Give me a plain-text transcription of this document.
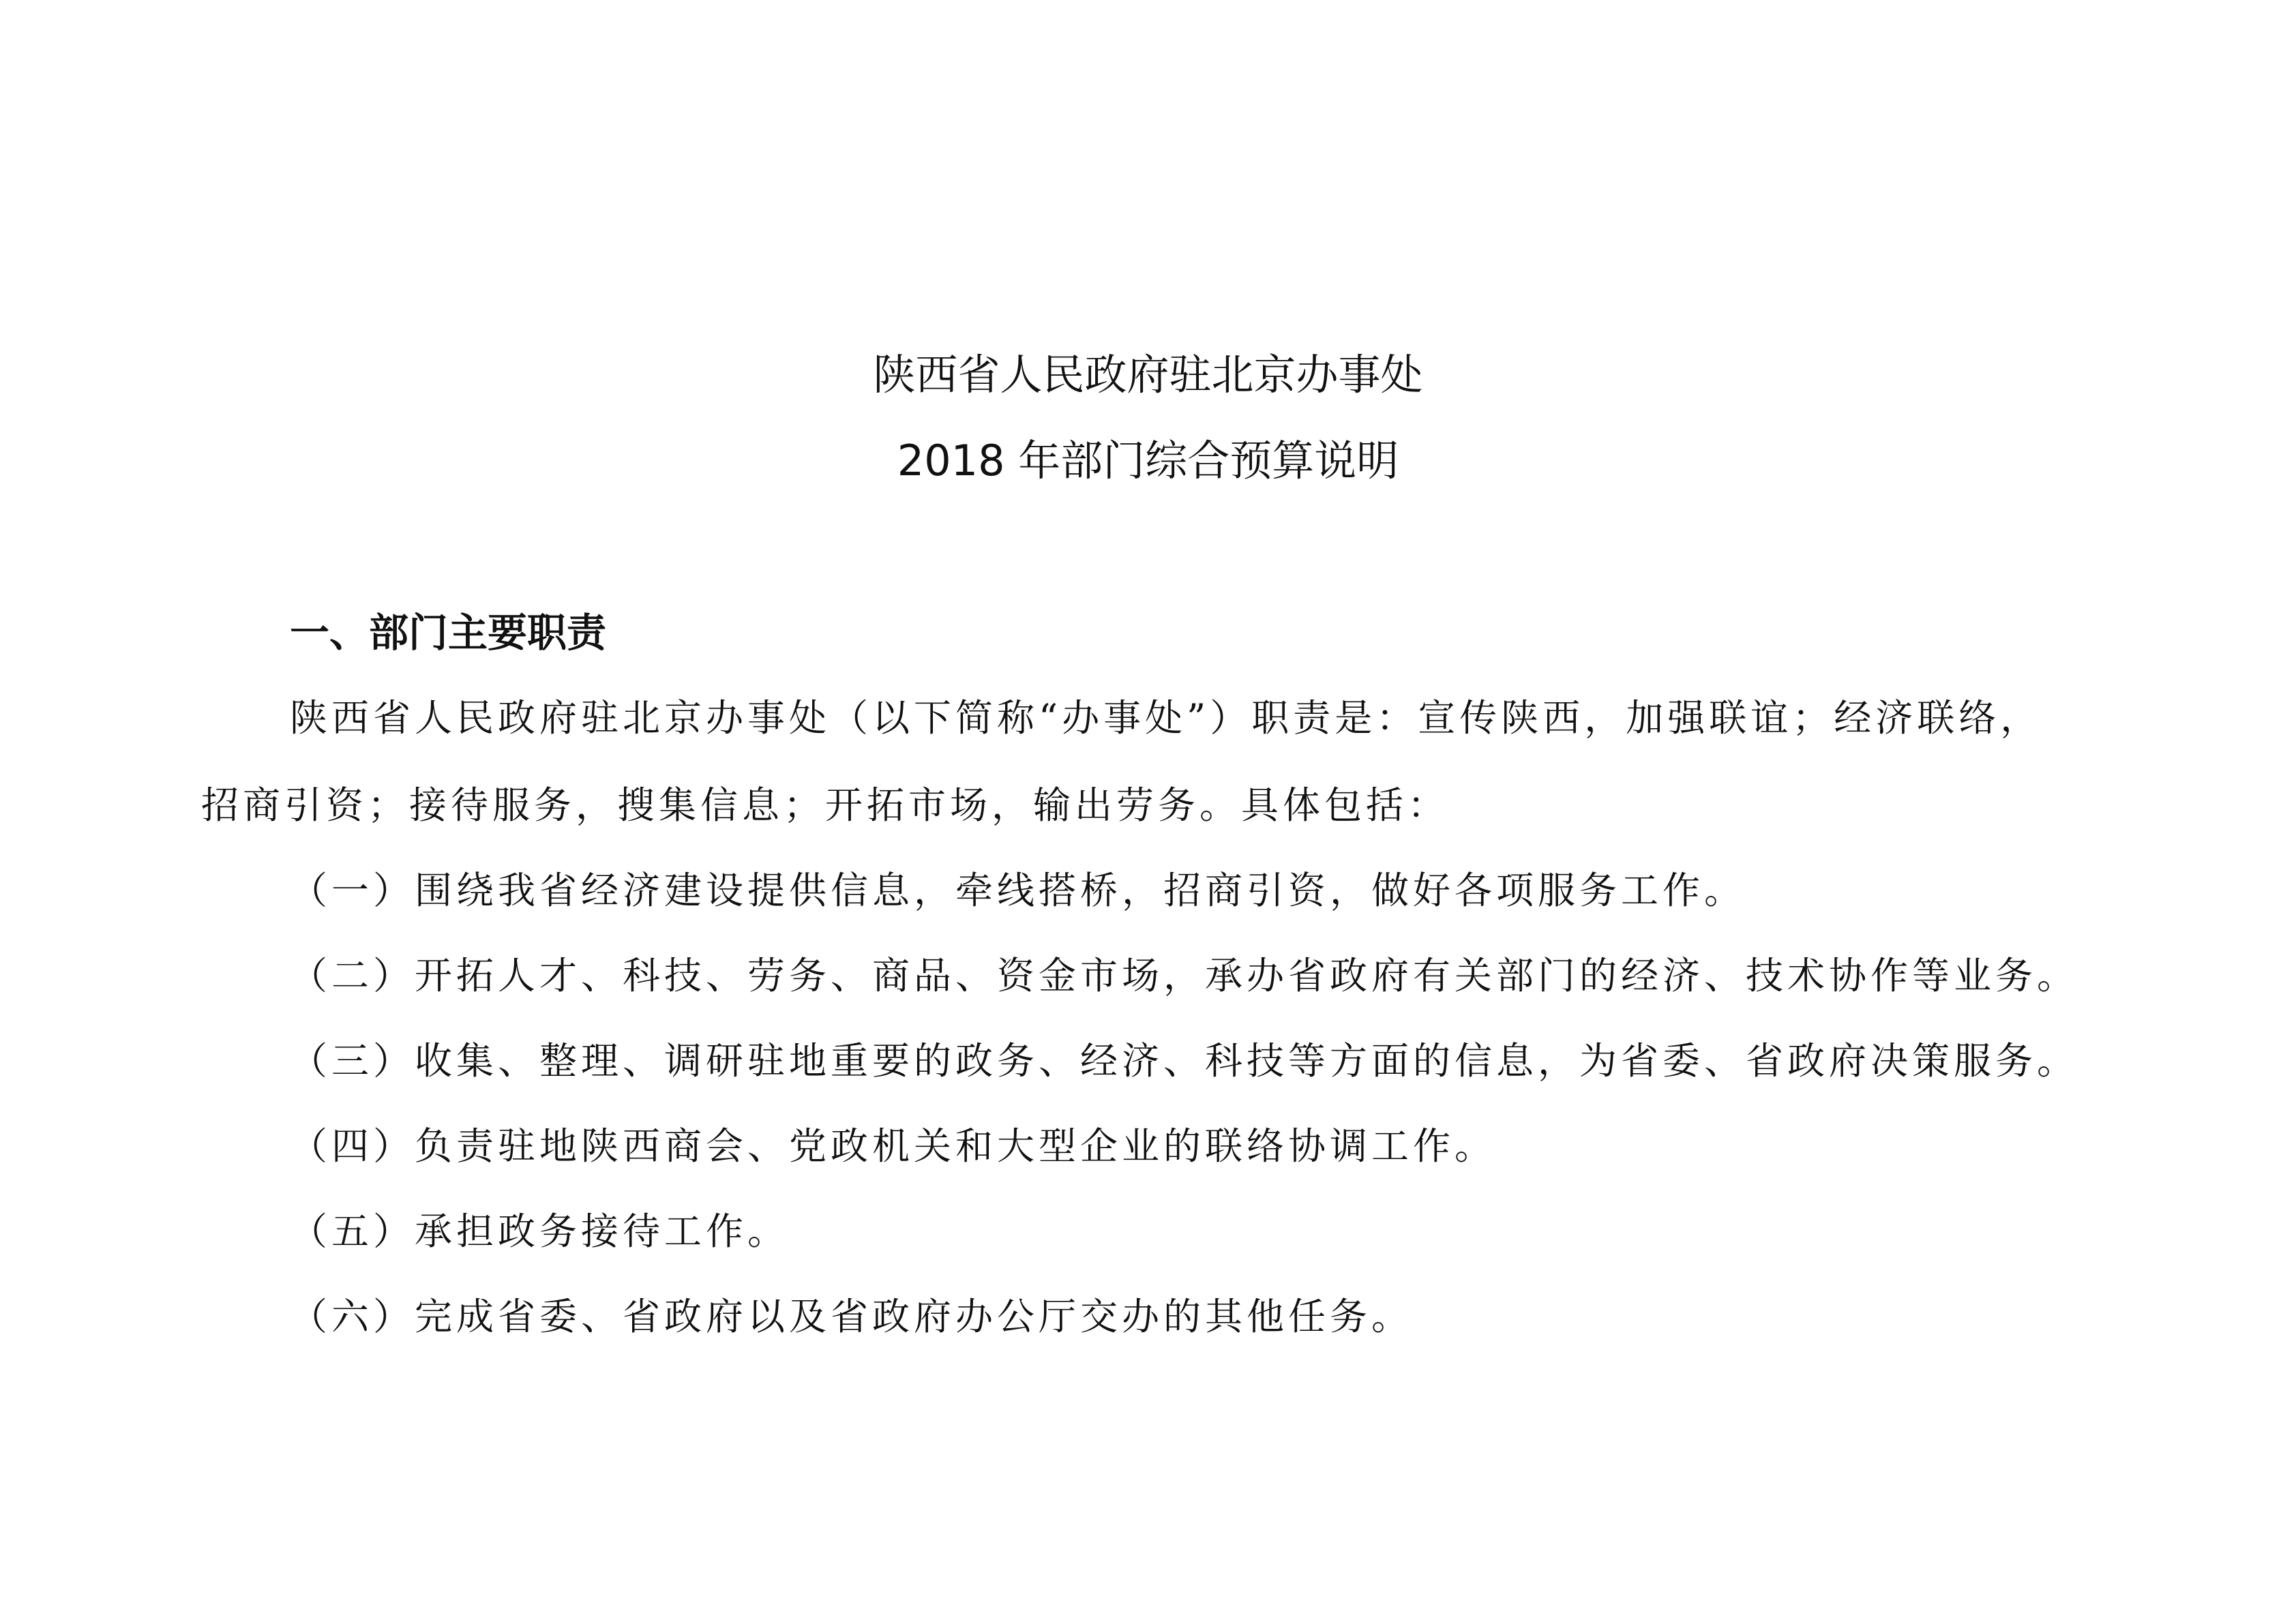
陕西省人民政府驻北京办事处
2018 年部门综合预算说明
一、部门主要职责
陕西省人民政府驻北京办事处（以下简称“办事处”）职责是：宣传陕西，加强联谊；经济联络，
招商引资；接待服务，搜集信息；开拓市场，输出劳务。具体包括：
（一）围绕我省经济建设提供信息，牵线搭桥，招商引资，做好各项服务工作。
（二）开拓人才、科技、劳务、商品、资金市场，承办省政府有关部门的经济、技术协作等业务。
（三）收集、整理、调研驻地重要的政务、经济、科技等方面的信息，为省委、省政府决策服务。
（四）负责驻地陕西商会、党政机关和大型企业的联络协调工作。
（五）承担政务接待工作。
（六）完成省委、省政府以及省政府办公厅交办的其他任务。
